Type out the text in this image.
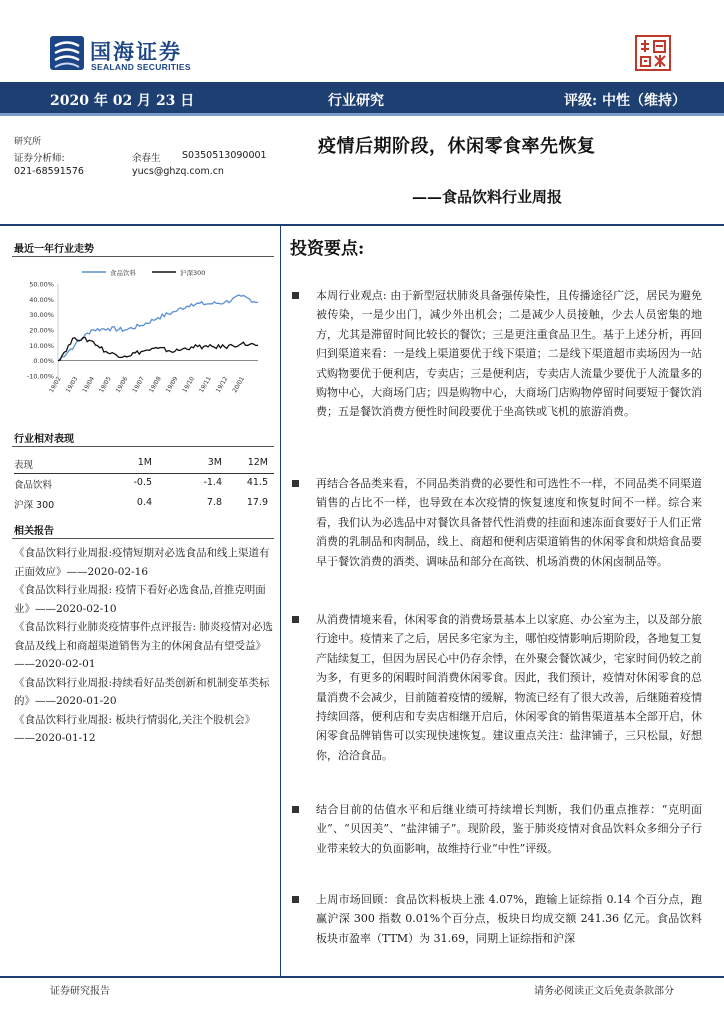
国海证券
SEALAND SECURITIES
2020 年 02 月 23 日	行业研究	评级: 中性（维持）
研究所
证券分析师:	余春生 S0350513090001
021-68591576	yucs@ghzq.com.cn
疫情后期阶段，休闲零食率先恢复
——食品饮料行业周报
最近一年行业走势
食品饮料	沪深300
50.00%
40.00%
30.00%
20.00%
10.00%
0.00%
-10.00%
19/02 19/03 19/04 19/05 19/06 19/07 19/08 19/09 19/10 19/11 19/12 20/01
行业相对表现
表现	1M	3M	12M
食品饮料	-0.5	-1.4	41.5
沪深 300	0.4	7.8	17.9
相关报告
《食品饮料行业周报:疫情短期对必选食品和线上渠道有正面效应》——2020-02-16
《食品饮料行业周报: 疫情下看好必选食品,首推克明面业》——2020-02-10
《食品饮料行业肺炎疫情事件点评报告: 肺炎疫情对必选食品及线上和商超渠道销售为主的休闲食品有望受益》——2020-02-01
《食品饮料行业周报:持续看好品类创新和机制变革类标的》——2020-01-20
《食品饮料行业周报: 板块行情弱化,关注个股机会》——2020-01-12
投资要点:
本周行业观点: 由于新型冠状肺炎具备强传染性，且传播途径广泛，居民为避免被传染，一是少出门，减少外出机会；二是减少人员接触，少去人员密集的地方，尤其是滞留时间比较长的餐饮；三是更注重食品卫生。基于上述分析，再回归到渠道来看：一是线上渠道要优于线下渠道；二是线下渠道超市卖场因为一站式购物要优于便利店，专卖店；三是便利店，专卖店人流量少要优于人流量多的购物中心，大商场门店；四是购物中心，大商场门店购物停留时间要短于餐饮消费；五是餐饮消费方便性时间段要优于坐高铁或飞机的旅游消费。
再结合各品类来看，不同品类消费的必要性和可选性不一样，不同品类不同渠道销售的占比不一样，也导致在本次疫情的恢复速度和恢复时间不一样。综合来看，我们认为必选品中对餐饮具备替代性消费的挂面和速冻面食要好于人们正常消费的乳制品和肉制品，线上、商超和便利店渠道销售的休闲零食和烘焙食品要早于餐饮消费的酒类、调味品和部分在高铁、机场消费的休闲卤制品等。
从消费情境来看，休闲零食的消费场景基本上以家庭、办公室为主，以及部分旅行途中。疫情来了之后，居民多宅家为主，哪怕疫情影响后期阶段，各地复工复产陆续复工，但因为居民心中仍存余悸，在外聚会餐饮减少，宅家时间仍较之前为多，有更多的闲暇时间消费休闲零食。因此，我们预计，疫情对休闲零食的总量消费不会减少，目前随着疫情的缓解，物流已经有了很大改善，后继随着疫情持续回落，便利店和专卖店相继开启后，休闲零食的销售渠道基本全部开启，休闲零食品牌销售可以实现快速恢复。建议重点关注：盐津铺子，三只松鼠，好想你，洽洽食品。
结合目前的估值水平和后继业绩可持续增长判断，我们仍重点推荐：“克明面业”、“贝因美”、“盐津铺子”。现阶段，鉴于肺炎疫情对食品饮料众多细分子行业带来较大的负面影响，故维持行业“中性”评级。
上周市场回顾：食品饮料板块上涨 4.07%，跑输上证综指 0.14 个百分点，跑赢沪深 300 指数 0.01%个百分点，板块日均成交额 241.36 亿元。食品饮料板块市盈率（TTM）为 31.69，同期上证综指和沪深
证券研究报告	请务必阅读正文后免责条款部分
